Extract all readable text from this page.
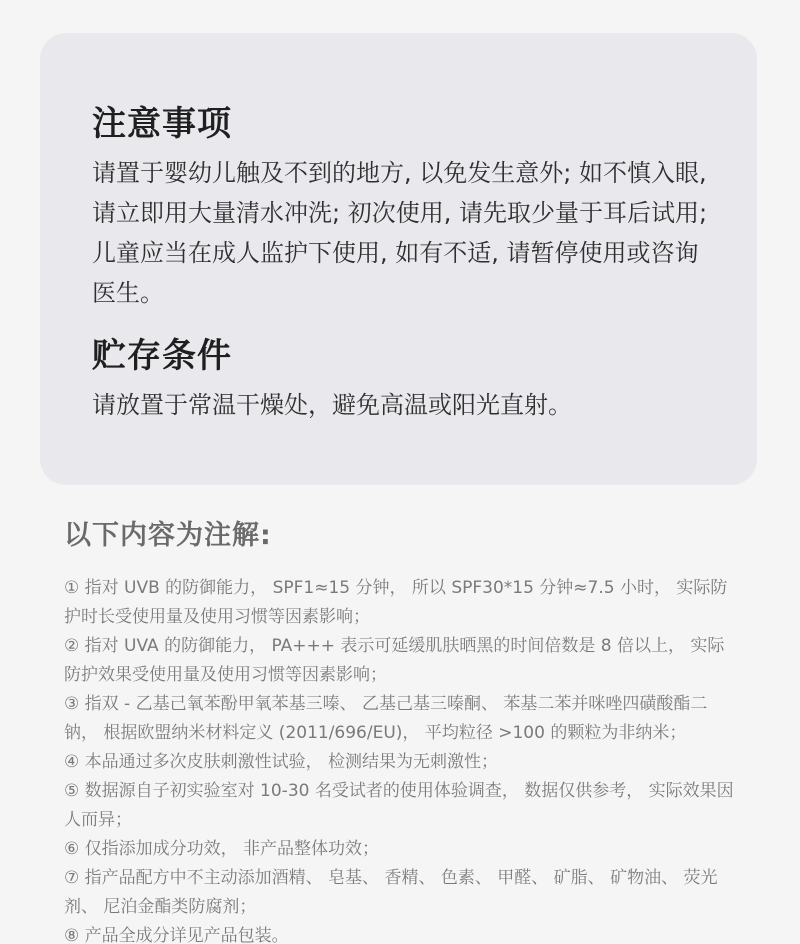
注意事项

请置于婴幼儿触及不到的地方, 以免发生意外; 如不慎入眼, 请立即用大量清水冲洗; 初次使用, 请先取少量于耳后试用; 儿童应当在成人监护下使用, 如有不适, 请暂停使用或咨询医生。

贮存条件

请放置于常温干燥处，避免高温或阳光直射。

以下内容为注解:
① 指对 UVB 的防御能力， SPF1≈15 分钟， 所以 SPF30*15 分钟≈7.5 小时， 实际防护时长受使用量及使用习惯等因素影响；
② 指对 UVA 的防御能力， PA+++ 表示可延缓肌肤晒黑的时间倍数是 8 倍以上， 实际防护效果受使用量及使用习惯等因素影响；
③ 指双 - 乙基己氧苯酚甲氧苯基三嗪、 乙基己基三嗪酮、 苯基二苯并咪唑四磺酸酯二钠， 根据欧盟纳米材料定义 (2011/696/EU)， 平均粒径 >100 的颗粒为非纳米；
④ 本品通过多次皮肤刺激性试验， 检测结果为无刺激性；
⑤ 数据源自子初实验室对 10-30 名受试者的使用体验调查， 数据仅供参考， 实际效果因人而异；
⑥ 仅指添加成分功效， 非产品整体功效；
⑦ 指产品配方中不主动添加酒精、 皂基、 香精、 色素、 甲醛、 矿脂、 矿物油、 荧光剂、 尼泊金酯类防腐剂；
⑧ 产品全成分详见产品包装。
